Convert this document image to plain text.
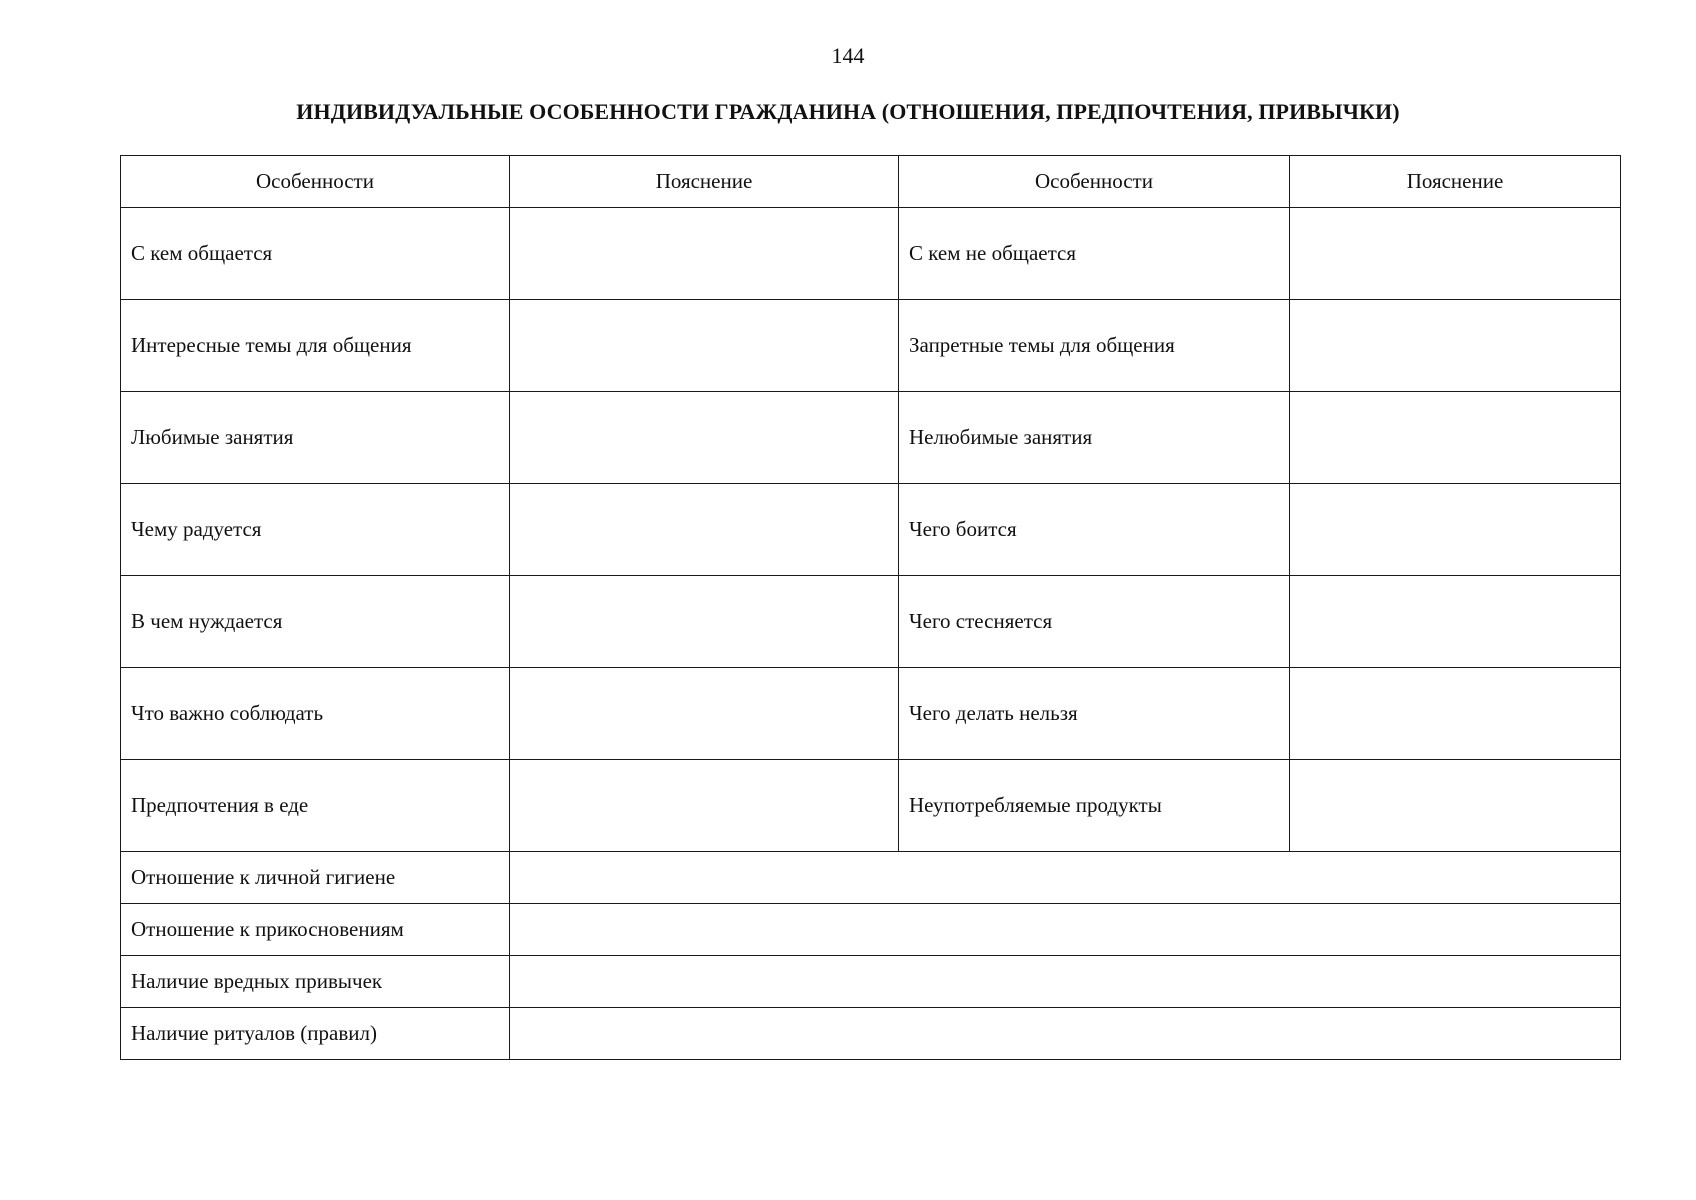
144
ИНДИВИДУАЛЬНЫЕ ОСОБЕННОСТИ ГРАЖДАНИНА (ОТНОШЕНИЯ, ПРЕДПОЧТЕНИЯ, ПРИВЫЧКИ)
Особенности	Пояснение	Особенности	Пояснение
С кем общается		С кем не общается	
Интересные темы для общения		Запретные темы для общения	
Любимые занятия		Нелюбимые занятия	
Чему радуется		Чего боится	
В чем нуждается		Чего стесняется	
Что важно соблюдать		Чего делать нельзя	
Предпочтения в еде		Неупотребляемые продукты	
Отношение к личной гигиене			
Отношение к прикосновениям			
Наличие вредных привычек			
Наличие ритуалов (правил)			
